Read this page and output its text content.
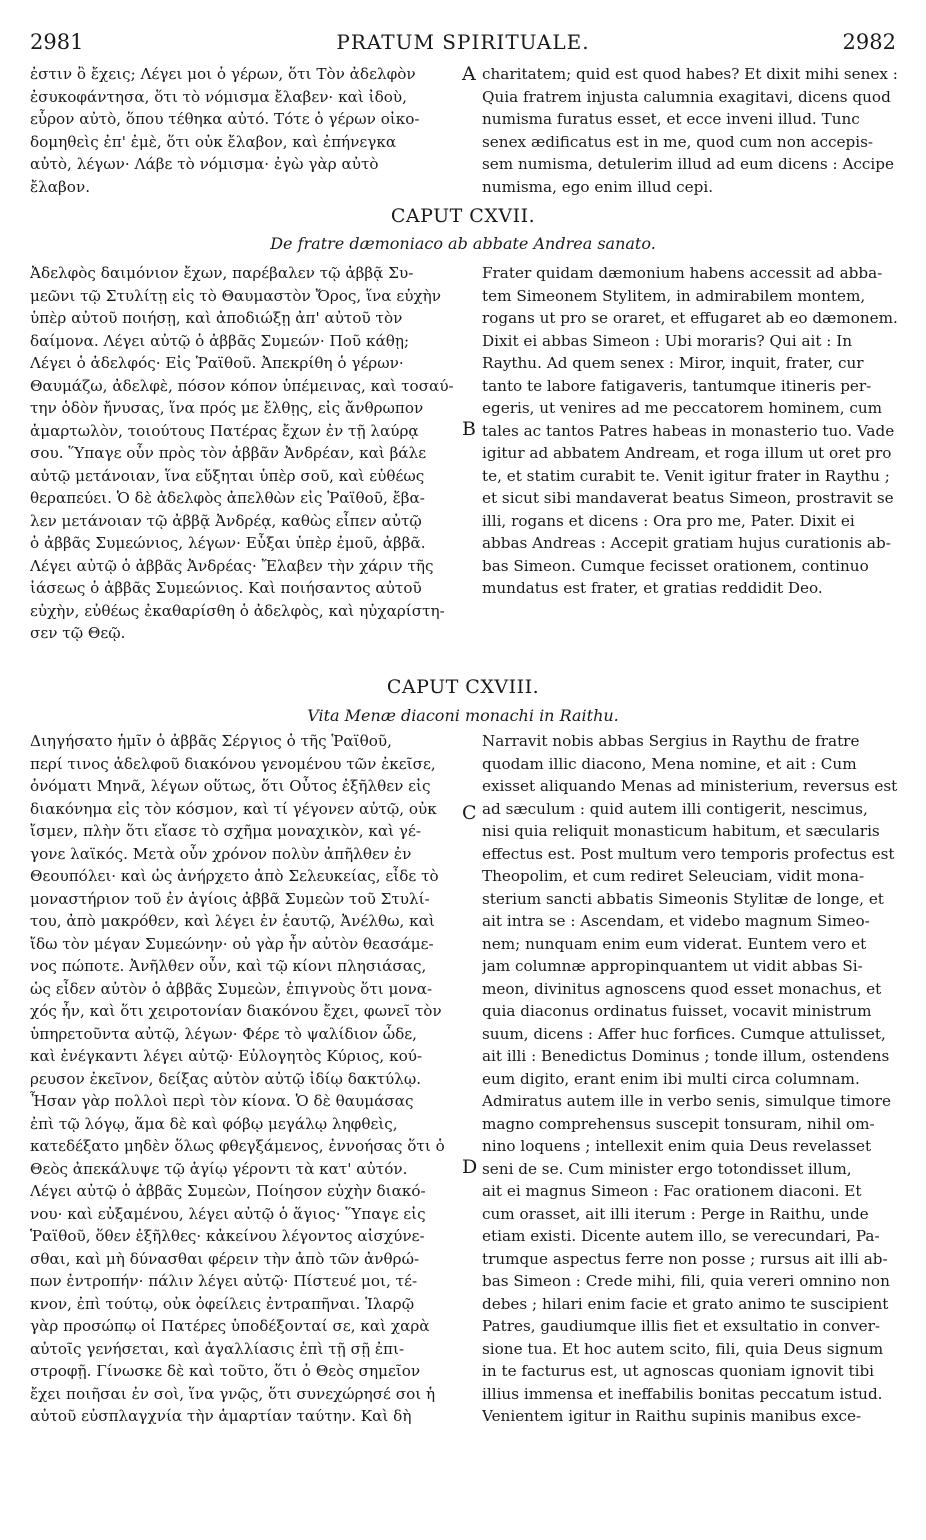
2981	PRATUM SPIRITUALE.	2982
ἐστιν ὃ ἔχεις; Λέγει μοι ὁ γέρων, ὅτι Τὸν ἀδελφὸν
ἐσυκοφάντησα, ὅτι τὸ νόμισμα ἔλαβεν· καὶ ἰδοὺ,
εὗρον αὐτὸ, ὅπου τέθηκα αὐτό. Τότε ὁ γέρων οἰκο-
δομηθεὶς ἐπ' ἐμὲ, ὅτι οὐκ ἔλαβον, καὶ ἐπήνεγκα
αὐτὸ, λέγων· Λάβε τὸ νόμισμα· ἐγὼ γὰρ αὐτὸ
ἔλαβον.
charitatem; quid est quod habes? Et dixit mihi senex :
Quia fratrem injusta calumnia exagitavi, dicens quod
numisma furatus esset, et ecce inveni illud. Tunc
senex ædificatus est in me, quod cum non accepis-
sem numisma, detulerim illud ad eum dicens : Accipe
numisma, ego enim illud cepi.
CAPUT CXVII.
De fratre dæmoniaco ab abbate Andrea sanato.
Ἀδελφὸς δαιμόνιον ἔχων, παρέβαλεν τῷ ἀββᾷ Συ-
μεῶνι τῷ Στυλίτῃ εἰς τὸ Θαυμαστὸν Ὄρος, ἵνα εὐχὴν
ὑπὲρ αὐτοῦ ποιήσῃ, καὶ ἀποδιώξῃ ἀπ' αὐτοῦ τὸν
δαίμονα. Λέγει αὐτῷ ὁ ἀββᾶς Συμεών· Ποῦ κάθῃ;
Λέγει ὁ ἀδελφός· Εἰς Ῥαϊθοῦ. Ἀπεκρίθη ὁ γέρων·
Θαυμάζω, ἀδελφὲ, πόσον κόπον ὑπέμεινας, καὶ τοσαύ-
την ὁδὸν ἤνυσας, ἵνα πρός με ἔλθῃς, εἰς ἄνθρωπον
ἁμαρτωλὸν, τοιούτους Πατέρας ἔχων ἐν τῇ λαύρᾳ
σου. Ὕπαγε οὖν πρὸς τὸν ἀββᾶν Ἀνδρέαν, καὶ βάλε
αὐτῷ μετάνοιαν, ἵνα εὔξηται ὑπὲρ σοῦ, καὶ εὐθέως
θεραπεύει. Ὁ δὲ ἀδελφὸς ἀπελθὼν εἰς Ῥαϊθοῦ, ἔβα-
λεν μετάνοιαν τῷ ἀββᾷ Ἀνδρέᾳ, καθὼς εἶπεν αὐτῷ
ὁ ἀββᾶς Συμεώνιος, λέγων· Εὖξαι ὑπὲρ ἐμοῦ, ἀββᾶ.
Λέγει αὐτῷ ὁ ἀββᾶς Ἀνδρέας· Ἔλαβεν τὴν χάριν τῆς
ἰάσεως ὁ ἀββᾶς Συμεώνιος. Καὶ ποιήσαντος αὐτοῦ
εὐχὴν, εὐθέως ἐκαθαρίσθη ὁ ἀδελφὸς, καὶ ηὐχαρίστη-
σεν τῷ Θεῷ.
Frater quidam dæmonium habens accessit ad abba-
tem Simeonem Stylitem, in admirabilem montem,
rogans ut pro se oraret, et effugaret ab eo dæmonem.
Dixit ei abbas Simeon : Ubi moraris? Qui ait : In
Raythu. Ad quem senex : Miror, inquit, frater, cur
tanto te labore fatigaveris, tantumque itineris per-
egeris, ut venires ad me peccatorem hominem, cum
tales ac tantos Patres habeas in monasterio tuo. Vade
igitur ad abbatem Andream, et roga illum ut oret pro
te, et statim curabit te. Venit igitur frater in Raythu ;
et sicut sibi mandaverat beatus Simeon, prostravit se
illi, rogans et dicens : Ora pro me, Pater. Dixit ei
abbas Andreas : Accepit gratiam hujus curationis ab-
bas Simeon. Cumque fecisset orationem, continuo
mundatus est frater, et gratias reddidit Deo.
CAPUT CXVIII.
Vita Menæ diaconi monachi in Raithu.
Διηγήσατο ἡμῖν ὁ ἀββᾶς Σέργιος ὁ τῆς Ῥαϊθοῦ,
περί τινος ἀδελφοῦ διακόνου γενομένου τῶν ἐκεῖσε,
ὀνόματι Μηνᾶ, λέγων οὕτως, ὅτι Οὗτος ἐξῆλθεν εἰς
διακόνημα εἰς τὸν κόσμον, καὶ τί γέγονεν αὐτῷ, οὐκ
ἴσμεν, πλὴν ὅτι εἴασε τὸ σχῆμα μοναχικὸν, καὶ γέ-
γονε λαϊκός. Μετὰ οὖν χρόνον πολὺν ἀπῆλθεν ἐν
Θεουπόλει· καὶ ὡς ἀνήρχετο ἀπὸ Σελευκείας, εἶδε τὸ
μοναστήριον τοῦ ἐν ἁγίοις ἀββᾶ Συμεὼν τοῦ Στυλί-
του, ἀπὸ μακρόθεν, καὶ λέγει ἐν ἑαυτῷ, Ἀνέλθω, καὶ
ἴδω τὸν μέγαν Συμεώνην· οὐ γὰρ ἦν αὐτὸν θεασάμε-
νος πώποτε. Ἀνῆλθεν οὖν, καὶ τῷ κίονι πλησιάσας,
ὡς εἶδεν αὐτὸν ὁ ἀββᾶς Συμεὼν, ἐπιγνοὺς ὅτι μονα-
χός ἦν, καὶ ὅτι χειροτονίαν διακόνου ἔχει, φωνεῖ τὸν
ὑπηρετοῦντα αὐτῷ, λέγων· Φέρε τὸ ψαλίδιον ὧδε,
καὶ ἐνέγκαντι λέγει αὐτῷ· Εὐλογητὸς Κύριος, κού-
ρευσον ἐκεῖνον, δείξας αὐτὸν αὐτῷ ἰδίῳ δακτύλῳ.
Ἦσαν γὰρ πολλοὶ περὶ τὸν κίονα. Ὁ δὲ θαυμάσας
ἐπὶ τῷ λόγῳ, ἅμα δὲ καὶ φόβῳ μεγάλῳ ληφθεὶς,
κατεδέξατο μηδὲν ὅλως φθεγξάμενος, ἐννοήσας ὅτι ὁ
Θεὸς ἀπεκάλυψε τῷ ἁγίῳ γέροντι τὰ κατ' αὐτόν.
Λέγει αὐτῷ ὁ ἀββᾶς Συμεὼν, Ποίησον εὐχὴν διακό-
νου· καὶ εὐξαμένου, λέγει αὐτῷ ὁ ἅγιος· Ὕπαγε εἰς
Ῥαϊθοῦ, ὅθεν ἐξῆλθες· κἀκείνου λέγοντος αἰσχύνε-
σθαι, καὶ μὴ δύνασθαι φέρειν τὴν ἀπὸ τῶν ἀνθρώ-
πων ἐντροπήν· πάλιν λέγει αὐτῷ· Πίστευέ μοι, τέ-
κνον, ἐπὶ τούτῳ, οὐκ ὀφείλεις ἐντραπῆναι. Ἱλαρῷ
γὰρ προσώπῳ οἱ Πατέρες ὑποδέξονταί σε, καὶ χαρὰ
αὐτοῖς γενήσεται, καὶ ἀγαλλίασις ἐπὶ τῇ σῇ ἐπι-
στροφῇ. Γίνωσκε δὲ καὶ τοῦτο, ὅτι ὁ Θεὸς σημεῖον
ἔχει ποιῆσαι ἐν σοὶ, ἵνα γνῷς, ὅτι συνεχώρησέ σοι ἡ
αὐτοῦ εὐσπλαγχνία τὴν ἁμαρτίαν ταύτην. Καὶ δὴ
Narravit nobis abbas Sergius in Raythu de fratre
quodam illic diacono, Mena nomine, et ait : Cum
exisset aliquando Menas ad ministerium, reversus est
ad sæculum : quid autem illi contigerit, nescimus,
nisi quia reliquit monasticum habitum, et sæcularis
effectus est. Post multum vero temporis profectus est
Theopolim, et cum rediret Seleuciam, vidit mona-
sterium sancti abbatis Simeonis Stylitæ de longe, et
ait intra se : Ascendam, et videbo magnum Simeo-
nem; nunquam enim eum viderat. Euntem vero et
jam columnæ appropinquantem ut vidit abbas Si-
meon, divinitus agnoscens quod esset monachus, et
quia diaconus ordinatus fuisset, vocavit ministrum
suum, dicens : Affer huc forfices. Cumque attulisset,
ait illi : Benedictus Dominus ; tonde illum, ostendens
eum digito, erant enim ibi multi circa columnam.
Admiratus autem ille in verbo senis, simulque timore
magno comprehensus suscepit tonsuram, nihil om-
nino loquens ; intellexit enim quia Deus revelasset
seni de se. Cum minister ergo totondisset illum,
ait ei magnus Simeon : Fac orationem diaconi. Et
cum orasset, ait illi iterum : Perge in Raithu, unde
etiam existi. Dicente autem illo, se verecundari, Pa-
trumque aspectus ferre non posse ; rursus ait illi ab-
bas Simeon : Crede mihi, fili, quia vereri omnino non
debes ; hilari enim facie et grato animo te suscipient
Patres, gaudiumque illis fiet et exsultatio in conver-
sione tua. Et hoc autem scito, fili, quia Deus signum
in te facturus est, ut agnoscas quoniam ignovit tibi
illius immensa et ineffabilis bonitas peccatum istud.
Venientem igitur in Raithu supinis manibus exce-
A
B
C
D
